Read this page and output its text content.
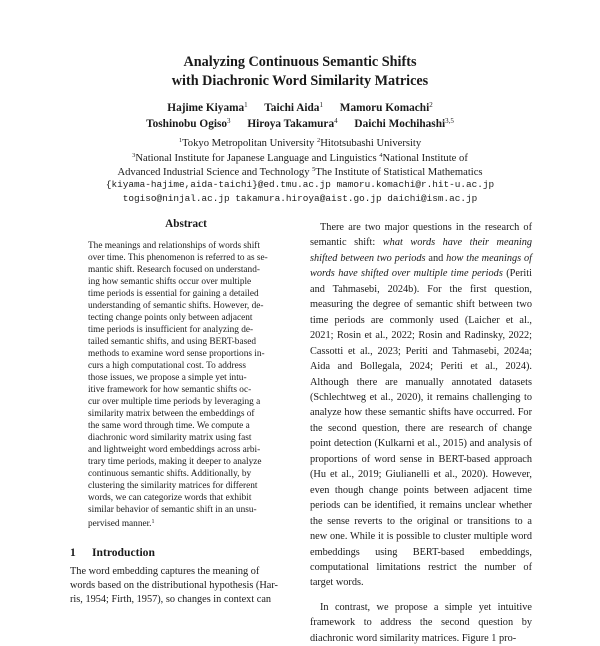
Analyzing Continuous Semantic Shifts
with Diachronic Word Similarity Matrices
Hajime Kiyama$^1$ Taichi Aida$^1$ Mamoru Komachi$^2$
Toshinobu Ogiso$^3$ Hiroya Takamura$^4$ Daichi Mochihashi$^{3,5}$
$^1$Tokyo Metropolitan University $^2$Hitotsubashi University
$^3$National Institute for Japanese Language and Linguistics $^4$National Institute of
Advanced Industrial Science and Technology $^5$The Institute of Statistical Mathematics
{kiyama-hajime,aida-taichi}@ed.tmu.ac.jp mamoru.komachi@r.hit-u.ac.jp
togiso@ninjal.ac.jp takamura.hiroya@aist.go.jp daichi@ism.ac.jp
Abstract

The meanings and relationships of words shift

over time. This phenomenon is referred to as se-

mantic shift. Research focused on understand-

ing how semantic shifts occur over multiple

time periods is essential for gaining a detailed

understanding of semantic shifts. However, de-

tecting change points only between adjacent

time periods is insufficient for analyzing de-

tailed semantic shifts, and using BERT-based

methods to examine word sense proportions in-

curs a high computational cost. To address

those issues, we propose a simple yet intu-

itive framework for how semantic shifts oc-

cur over multiple time periods by leveraging a

similarity matrix between the embeddings of

the same word through time. We compute a

diachronic word similarity matrix using fast

and lightweight word embeddings across arbi-

trary time periods, making it deeper to analyze

continuous semantic shifts. Additionally, by

clustering the similarity matrices for different

words, we can categorize words that exhibit

similar behavior of semantic shift in an unsu-

pervised manner.$^1$

1 Introduction

The word embedding captures the meaning of

words based on the distributional hypothesis (Har-

ris, 1954; Firth, 1957), so changes in context can

There are two major questions in the research of semantic shift: what words have their meaning shifted between two periods and how the meanings of words have shifted over multiple time periods (Periti and Tahmasebi, 2024b). For the first question, measuring the degree of semantic shift between two time periods are commonly used (Laicher et al., 2021; Rosin et al., 2022; Rosin and Radinsky, 2022; Cassotti et al., 2023; Periti and Tahmasebi, 2024a; Aida and Bollegala, 2024; Periti et al., 2024). Although there are manually annotated datasets (Schlechtweg et al., 2020), it remains challenging to analyze how these semantic shifts have occurred. For the second question, there are research of change point detection (Kulkarni et al., 2015) and analysis of proportions of word sense in BERT-based approach (Hu et al., 2019; Giulianelli et al., 2020). However, even though change points between adjacent time periods can be identified, it remains unclear whether the sense reverts to the original or transitions to a new one. While it is possible to cluster multiple word embeddings using BERT-based embeddings, computational limitations restrict the number of target words.

In contrast, we propose a simple yet intuitive framework to address the second question by diachronic word similarity matrices. Figure 1 pro-
